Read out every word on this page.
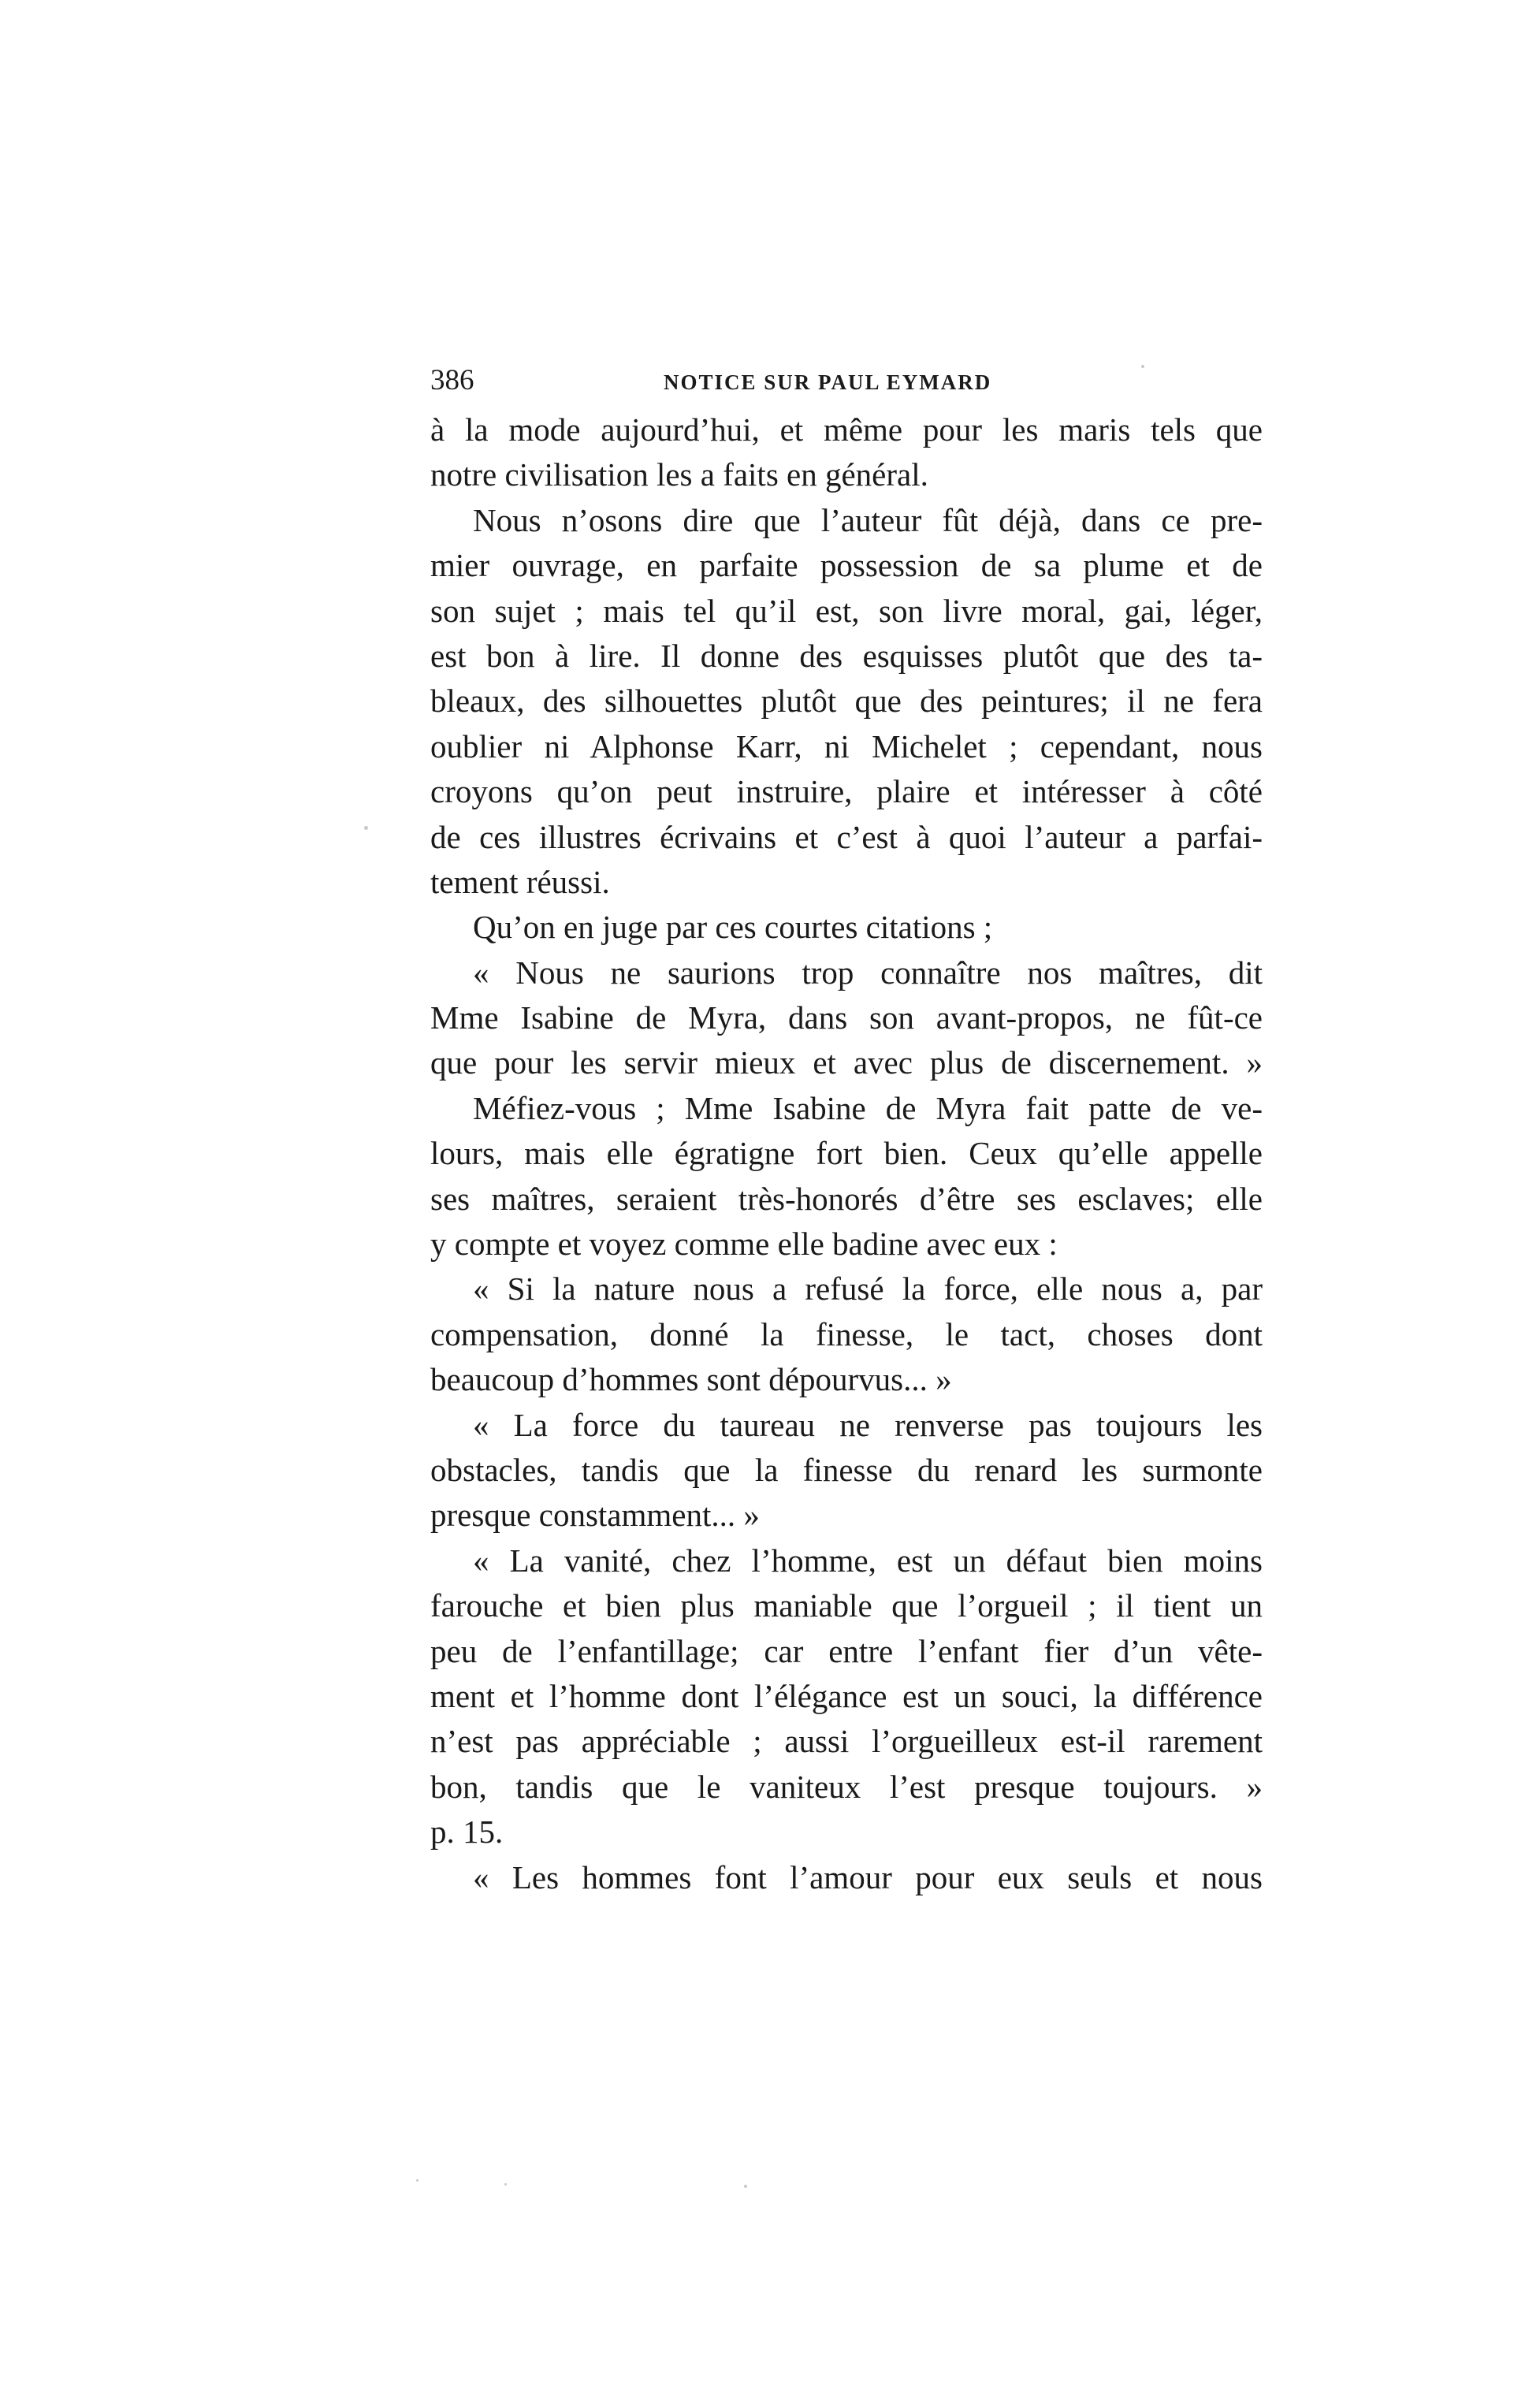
386	NOTICE SUR PAUL EYMARD
à la mode aujourd’hui, et même pour les maris tels que
notre civilisation les a faits en général.
Nous n’osons dire que l’auteur fût déjà, dans ce pre-
mier ouvrage, en parfaite possession de sa plume et de
son sujet ; mais tel qu’il est, son livre moral, gai, léger,
est bon à lire. Il donne des esquisses plutôt que des ta-
bleaux, des silhouettes plutôt que des peintures; il ne fera
oublier ni Alphonse Karr, ni Michelet ; cependant, nous
croyons qu’on peut instruire, plaire et intéresser à côté
de ces illustres écrivains et c’est à quoi l’auteur a parfai-
tement réussi.
Qu’on en juge par ces courtes citations ;
« Nous ne saurions trop connaître nos maîtres, dit
Mme Isabine de Myra, dans son avant-propos, ne fût-ce
que pour les servir mieux et avec plus de discernement. »
Méfiez-vous ; Mme Isabine de Myra fait patte de ve-
lours, mais elle égratigne fort bien. Ceux qu’elle appelle
ses maîtres, seraient très-honorés d’être ses esclaves; elle
y compte et voyez comme elle badine avec eux :
« Si la nature nous a refusé la force, elle nous a, par
compensation, donné la finesse, le tact, choses dont
beaucoup d’hommes sont dépourvus... »
« La force du taureau ne renverse pas toujours les
obstacles, tandis que la finesse du renard les surmonte
presque constamment... »
« La vanité, chez l’homme, est un défaut bien moins
farouche et bien plus maniable que l’orgueil ; il tient un
peu de l’enfantillage; car entre l’enfant fier d’un vête-
ment et l’homme dont l’élégance est un souci, la différence
n’est pas appréciable ; aussi l’orgueilleux est-il rarement
bon, tandis que le vaniteux l’est presque toujours. »
p. 15.
« Les hommes font l’amour pour eux seuls et nous
